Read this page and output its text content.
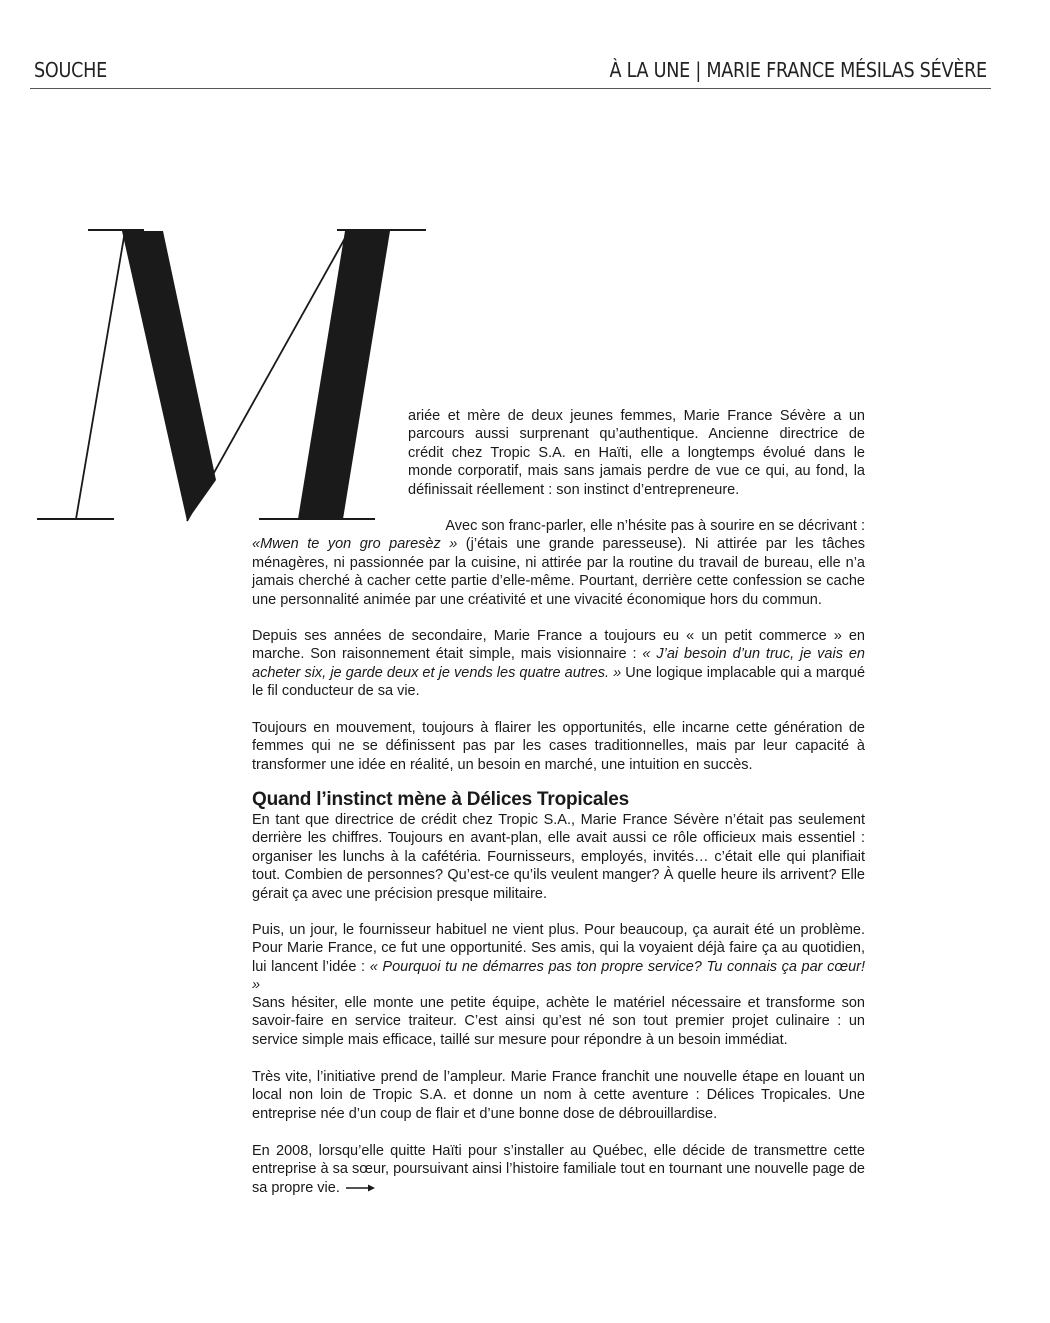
SOUCHE	À LA UNE | MARIE FRANCE MÉSILAS SÉVÈRE

ariée et mère de deux jeunes femmes, Marie France Sévère a un parcours aussi surprenant qu’authentique. Ancienne directrice de crédit chez Tropic S.A. en Haïti, elle a longtemps évolué dans le monde corporatif, mais sans jamais perdre de vue ce qui, au fond, la définissait réellement : son instinct d’entrepreneure.

Avec son franc-parler, elle n’hésite pas à sourire en se décrivant :
«Mwen te yon gro paresèz » (j’étais une grande paresseuse). Ni attirée par les tâches ménagères, ni passionnée par la cuisine, ni attirée par la routine du travail de bureau, elle n’a jamais cherché à cacher cette partie d’elle-même. Pourtant, derrière cette confession se cache une personnalité animée par une créativité et une vivacité économique hors du commun.

Depuis ses années de secondaire, Marie France a toujours eu « un petit commerce » en marche. Son raisonnement était simple, mais visionnaire : « J’ai besoin d’un truc, je vais en acheter six, je garde deux et je vends les quatre autres. » Une logique implacable qui a marqué le fil conducteur de sa vie.

Toujours en mouvement, toujours à flairer les opportunités, elle incarne cette génération de femmes qui ne se définissent pas par les cases traditionnelles, mais par leur capacité à transformer une idée en réalité, un besoin en marché, une intuition en succès.

Quand l’instinct mène à Délices Tropicales

En tant que directrice de crédit chez Tropic S.A., Marie France Sévère n’était pas seulement derrière les chiffres. Toujours en avant-plan, elle avait aussi ce rôle officieux mais essentiel : organiser les lunchs à la cafétéria. Fournisseurs, employés, invités… c’était elle qui planifiait tout. Combien de personnes? Qu’est-ce qu’ils veulent manger? À quelle heure ils arrivent? Elle gérait ça avec une précision presque militaire.

Puis, un jour, le fournisseur habituel ne vient plus. Pour beaucoup, ça aurait été un problème. Pour Marie France, ce fut une opportunité. Ses amis, qui la voyaient déjà faire ça au quotidien, lui lancent l’idée : « Pourquoi tu ne démarres pas ton propre service? Tu connais ça par cœur! »

Sans hésiter, elle monte une petite équipe, achète le matériel nécessaire et transforme son savoir-faire en service traiteur. C’est ainsi qu’est né son tout premier projet culinaire : un service simple mais efficace, taillé sur mesure pour répondre à un besoin immédiat.

Très vite, l’initiative prend de l’ampleur. Marie France franchit une nouvelle étape en louant un local non loin de Tropic S.A. et donne un nom à cette aventure : Délices Tropicales. Une entreprise née d’un coup de flair et d’une bonne dose de débrouillardise.

En 2008, lorsqu’elle quitte Haïti pour s’installer au Québec, elle décide de transmettre cette entreprise à sa sœur, poursuivant ainsi l’histoire familiale tout en tournant une nouvelle page de sa propre vie.
